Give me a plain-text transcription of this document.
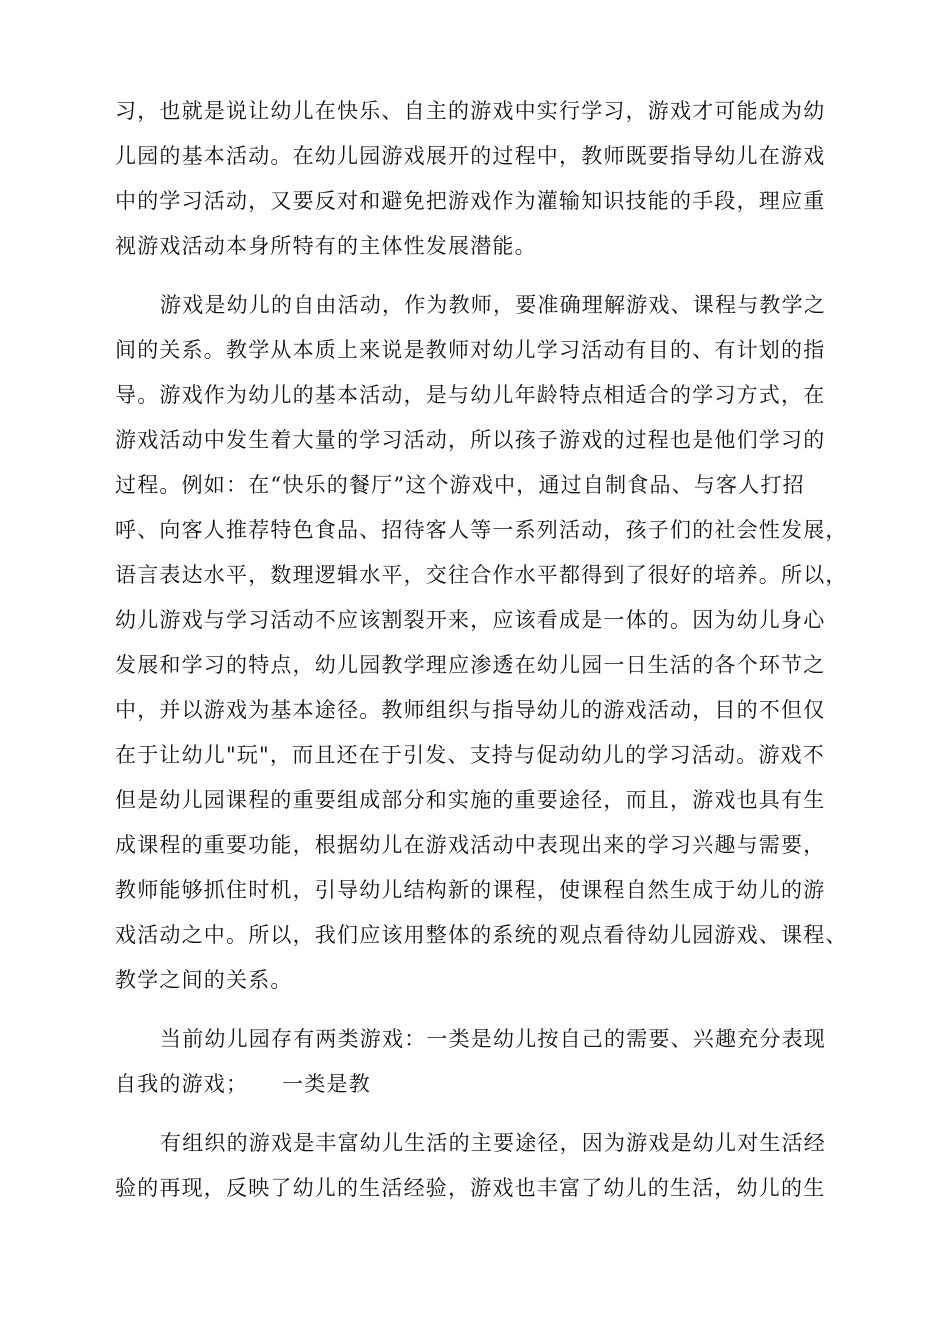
习，也就是说让幼儿在快乐、自主的游戏中实行学习，游戏才可能成为幼
儿园的基本活动。在幼儿园游戏展开的过程中，教师既要指导幼儿在游戏
中的学习活动，又要反对和避免把游戏作为灌输知识技能的手段，理应重
视游戏活动本身所特有的主体性发展潜能。
游戏是幼儿的自由活动，作为教师，要准确理解游戏、课程与教学之
间的关系。教学从本质上来说是教师对幼儿学习活动有目的、有计划的指
导。游戏作为幼儿的基本活动，是与幼儿年龄特点相适合的学习方式，在
游戏活动中发生着大量的学习活动，所以孩子游戏的过程也是他们学习的
过程。例如：在“快乐的餐厅”这个游戏中，通过自制食品、与客人打招
呼、向客人推荐特色食品、招待客人等一系列活动，孩子们的社会性发展，
语言表达水平，数理逻辑水平，交往合作水平都得到了很好的培养。所以，
幼儿游戏与学习活动不应该割裂开来，应该看成是一体的。因为幼儿身心
发展和学习的特点，幼儿园教学理应渗透在幼儿园一日生活的各个环节之
中，并以游戏为基本途径。教师组织与指导幼儿的游戏活动，目的不但仅
在于让幼儿"玩"，而且还在于引发、支持与促动幼儿的学习活动。游戏不
但是幼儿园课程的重要组成部分和实施的重要途径，而且，游戏也具有生
成课程的重要功能，根据幼儿在游戏活动中表现出来的学习兴趣与需要，
教师能够抓住时机，引导幼儿结构新的课程，使课程自然生成于幼儿的游
戏活动之中。所以，我们应该用整体的系统的观点看待幼儿园游戏、课程、
教学之间的关系。
当前幼儿园存有两类游戏：一类是幼儿按自己的需要、兴趣充分表现
自我的游戏；　　一类是教
有组织的游戏是丰富幼儿生活的主要途径，因为游戏是幼儿对生活经
验的再现，反映了幼儿的生活经验，游戏也丰富了幼儿的生活，幼儿的生
